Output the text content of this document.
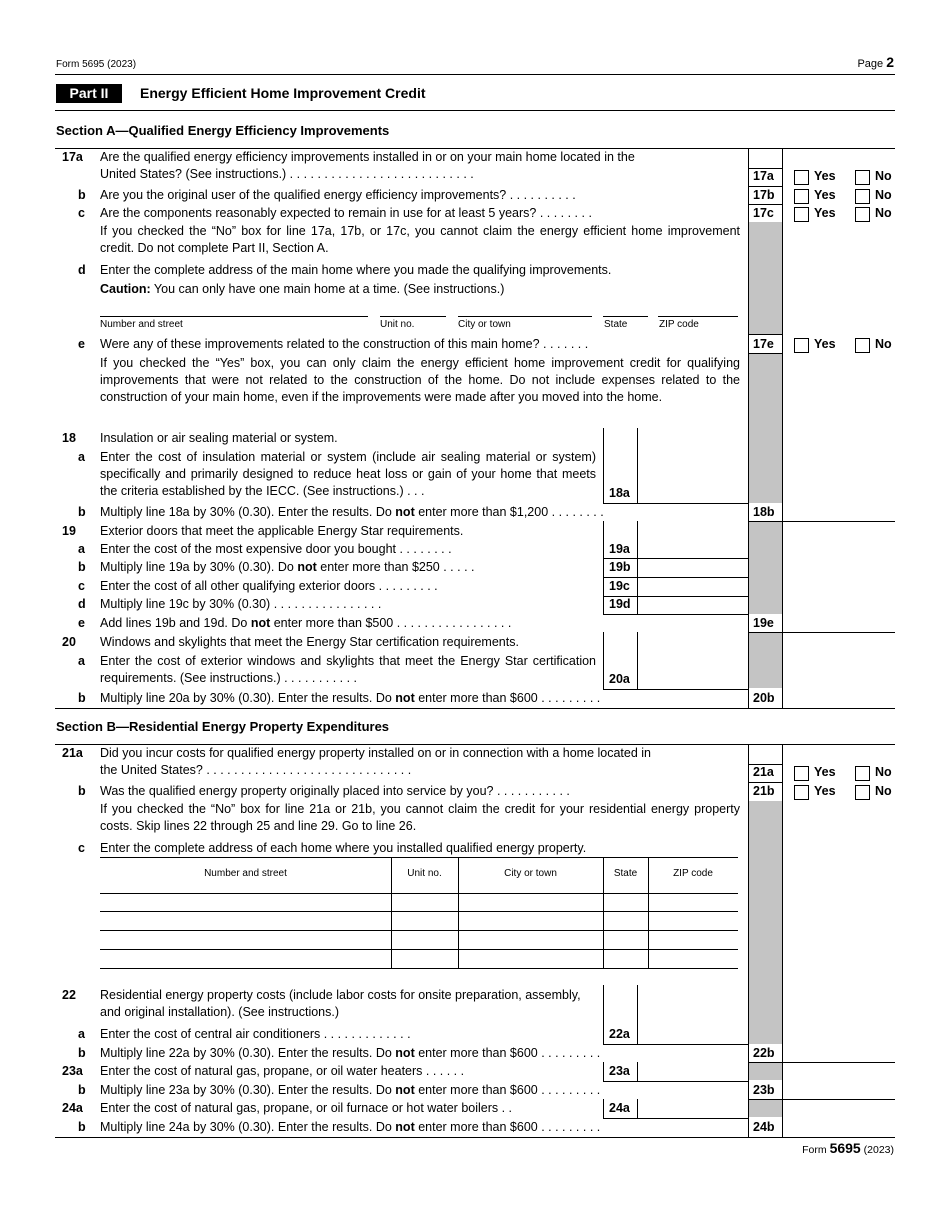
Form 5695 (2023)	Page 2
Part II	Energy Efficient Home Improvement Credit
Section A—Qualified Energy Efficiency Improvements
17a Are the qualified energy efficiency improvements installed in or on your main home located in the
United States? (See instructions.) . . . . . . . . . . . . . . . . . . . . . . . . . . .	17a	Yes	No
b Are you the original user of the qualified energy efficiency improvements? . . . . . . . . . .	17b	Yes	No
c Are the components reasonably expected to remain in use for at least 5 years? . . . . . . . .	17c	Yes	No
If you checked the “No” box for line 17a, 17b, or 17c, you cannot claim the energy efficient home improvement credit. Do not complete Part II, Section A.
d Enter the complete address of the main home where you made the qualifying improvements.
Caution: You can only have one main home at a time. (See instructions.)
Number and street	Unit no.	City or town	State	ZIP code
e Were any of these improvements related to the construction of this main home? . . . . . . .	17e	Yes	No
If you checked the “Yes” box, you can only claim the energy efficient home improvement credit for qualifying improvements that were not related to the construction of the home. Do not include expenses related to the construction of your main home, even if the improvements were made after you moved into the home.
18 Insulation or air sealing material or system.
a Enter the cost of insulation material or system (include air sealing material or system) specifically and primarily designed to reduce heat loss or gain of your home that meets the criteria established by the IECC. (See instructions.) . . .	18a
b Multiply line 18a by 30% (0.30). Enter the results. Do not enter more than $1,200 . . . . . . . .	18b
19 Exterior doors that meet the applicable Energy Star requirements.
a Enter the cost of the most expensive door you bought . . . . . . . .	19a
b Multiply line 19a by 30% (0.30). Do not enter more than $250 . . . . .	19b
c Enter the cost of all other qualifying exterior doors . . . . . . . . .	19c
d Multiply line 19c by 30% (0.30) . . . . . . . . . . . . . . . .	19d
e Add lines 19b and 19d. Do not enter more than $500 . . . . . . . . . . . . . . . . .	19e
20 Windows and skylights that meet the Energy Star certification requirements.
a Enter the cost of exterior windows and skylights that meet the Energy Star certification requirements. (See instructions.) . . . . . . . . . . .	20a
b Multiply line 20a by 30% (0.30). Enter the results. Do not enter more than $600 . . . . . . . . .	20b
Section B—Residential Energy Property Expenditures
21a Did you incur costs for qualified energy property installed on or in connection with a home located in
the United States? . . . . . . . . . . . . . . . . . . . . . . . . . . . . . .	21a	Yes	No
b Was the qualified energy property originally placed into service by you? . . . . . . . . . . .	21b	Yes	No
If you checked the “No” box for line 21a or 21b, you cannot claim the credit for your residential energy property costs. Skip lines 22 through 25 and line 29. Go to line 26.
c Enter the complete address of each home where you installed qualified energy property.
Number and street	Unit no.	City or town	State	ZIP code
22 Residential energy property costs (include labor costs for onsite preparation, assembly, and original installation). (See instructions.)
a Enter the cost of central air conditioners . . . . . . . . . . . . .	22a
b Multiply line 22a by 30% (0.30). Enter the results. Do not enter more than $600 . . . . . . . . .	22b
23a Enter the cost of natural gas, propane, or oil water heaters . . . . . .	23a
b Multiply line 23a by 30% (0.30). Enter the results. Do not enter more than $600 . . . . . . . . .	23b
24a Enter the cost of natural gas, propane, or oil furnace or hot water boilers . .	24a
b Multiply line 24a by 30% (0.30). Enter the results. Do not enter more than $600 . . . . . . . . .	24b
Form 5695 (2023)
